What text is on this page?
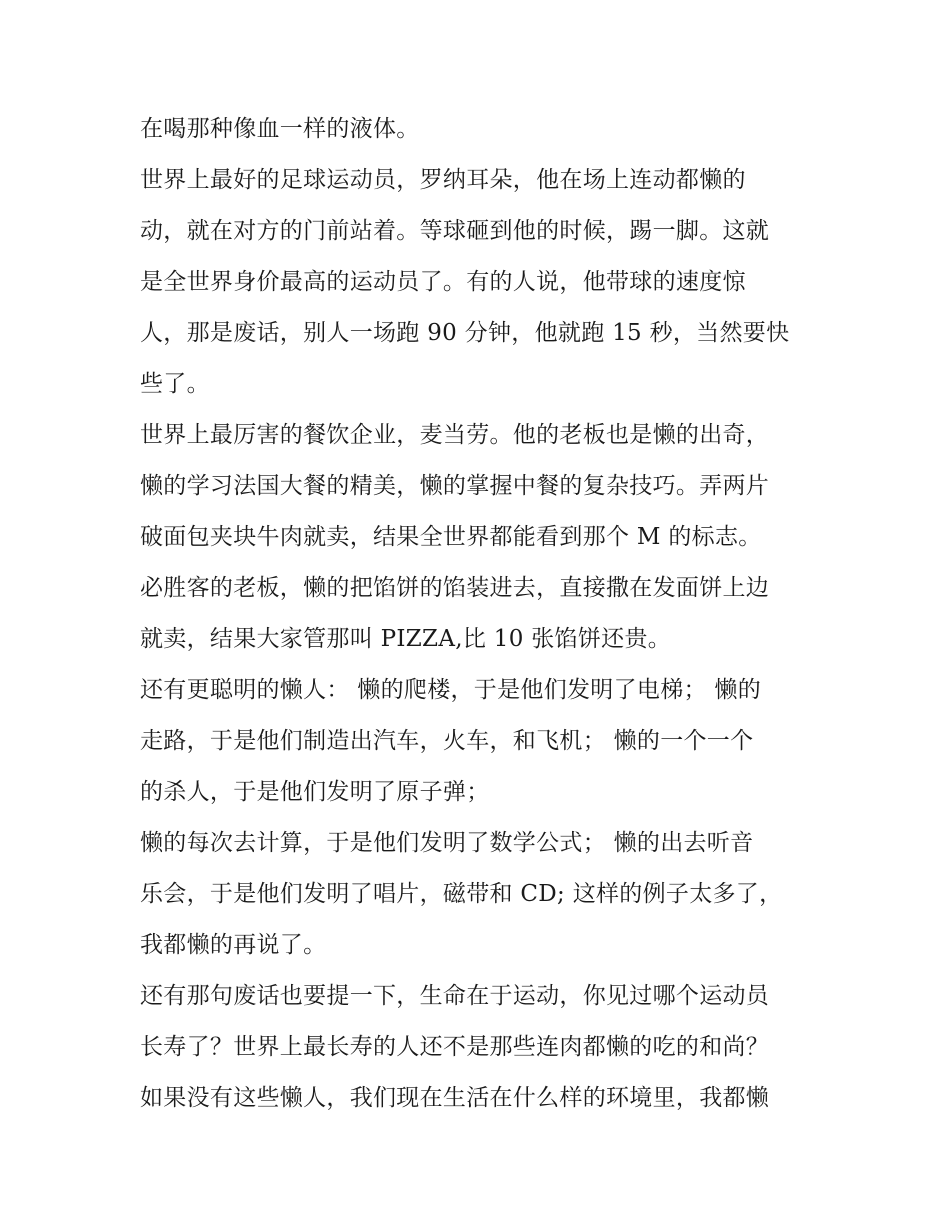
在喝那种像血一样的液体。

世界上最好的足球运动员，罗纳耳朵，他在场上连动都懒的
动，就在对方的门前站着。等球砸到他的时候，踢一脚。这就
是全世界身价最高的运动员了。有的人说，他带球的速度惊
人，那是废话，别人一场跑 90 分钟，他就跑 15 秒，当然要快
些了。

世界上最厉害的餐饮企业，麦当劳。他的老板也是懒的出奇，
懒的学习法国大餐的精美，懒的掌握中餐的复杂技巧。弄两片
破面包夹块牛肉就卖，结果全世界都能看到那个 M 的标志。

必胜客的老板，懒的把馅饼的馅装进去，直接撒在发面饼上边
就卖，结果大家管那叫 PIZZA,比 10 张馅饼还贵。

还有更聪明的懒人： 懒的爬楼，于是他们发明了电梯； 懒的
走路，于是他们制造出汽车，火车，和飞机； 懒的一个一个
的杀人，于是他们发明了原子弹；

懒的每次去计算，于是他们发明了数学公式； 懒的出去听音
乐会，于是他们发明了唱片，磁带和 CD; 这样的例子太多了，
我都懒的再说了。

还有那句废话也要提一下，生命在于运动，你见过哪个运动员
长寿了？世界上最长寿的人还不是那些连肉都懒的吃的和尚？
如果没有这些懒人，我们现在生活在什么样的环境里，我都懒
